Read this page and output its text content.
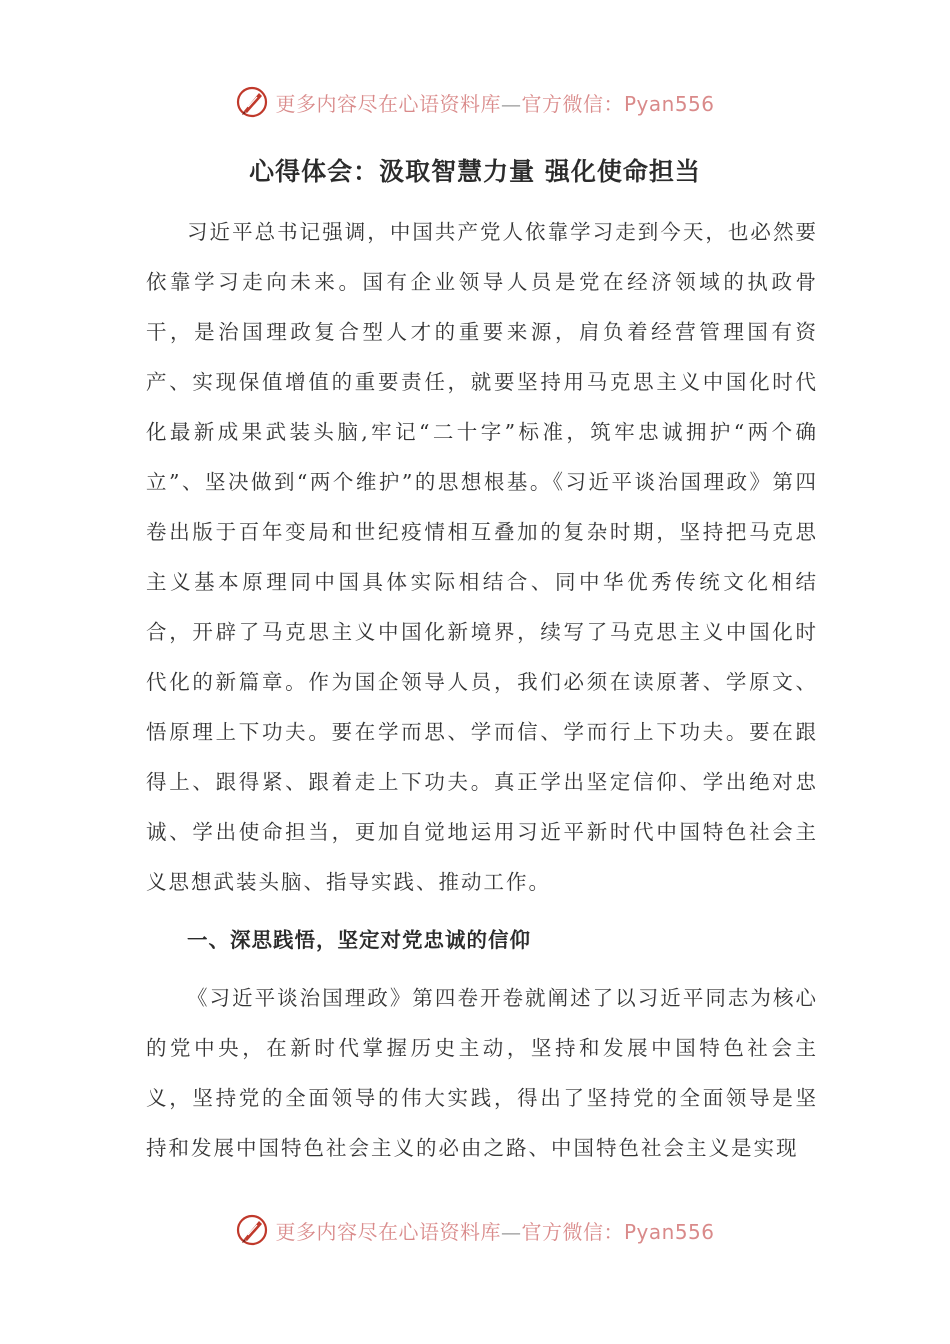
更多内容尽在心语资料库—官方微信：Pyan556
心得体会：汲取智慧力量 强化使命担当

习近平总书记强调，中国共产党人依靠学习走到今天，也必然要依靠学习走向未来。国有企业领导人员是党在经济领域的执政骨干，是治国理政复合型人才的重要来源，肩负着经营管理国有资产、实现保值增值的重要责任，就要坚持用马克思主义中国化时代化最新成果武装头脑,牢记“二十字”标准，筑牢忠诚拥护“两个确立”、坚决做到“两个维护”的思想根基。《习近平谈治国理政》第四卷出版于百年变局和世纪疫情相互叠加的复杂时期，坚持把马克思主义基本原理同中国具体实际相结合、同中华优秀传统文化相结合，开辟了马克思主义中国化新境界，续写了马克思主义中国化时代化的新篇章。作为国企领导人员，我们必须在读原著、学原文、悟原理上下功夫。要在学而思、学而信、学而行上下功夫。要在跟得上、跟得紧、跟着走上下功夫。真正学出坚定信仰、学出绝对忠诚、学出使命担当，更加自觉地运用习近平新时代中国特色社会主义思想武装头脑、指导实践、推动工作。

一、深思践悟，坚定对党忠诚的信仰

《习近平谈治国理政》第四卷开卷就阐述了以习近平同志为核心的党中央，在新时代掌握历史主动，坚持和发展中国特色社会主义，坚持党的全面领导的伟大实践，得出了坚持党的全面领导是坚持和发展中国特色社会主义的必由之路、中国特色社会主义是实现

更多内容尽在心语资料库—官方微信：Pyan556
